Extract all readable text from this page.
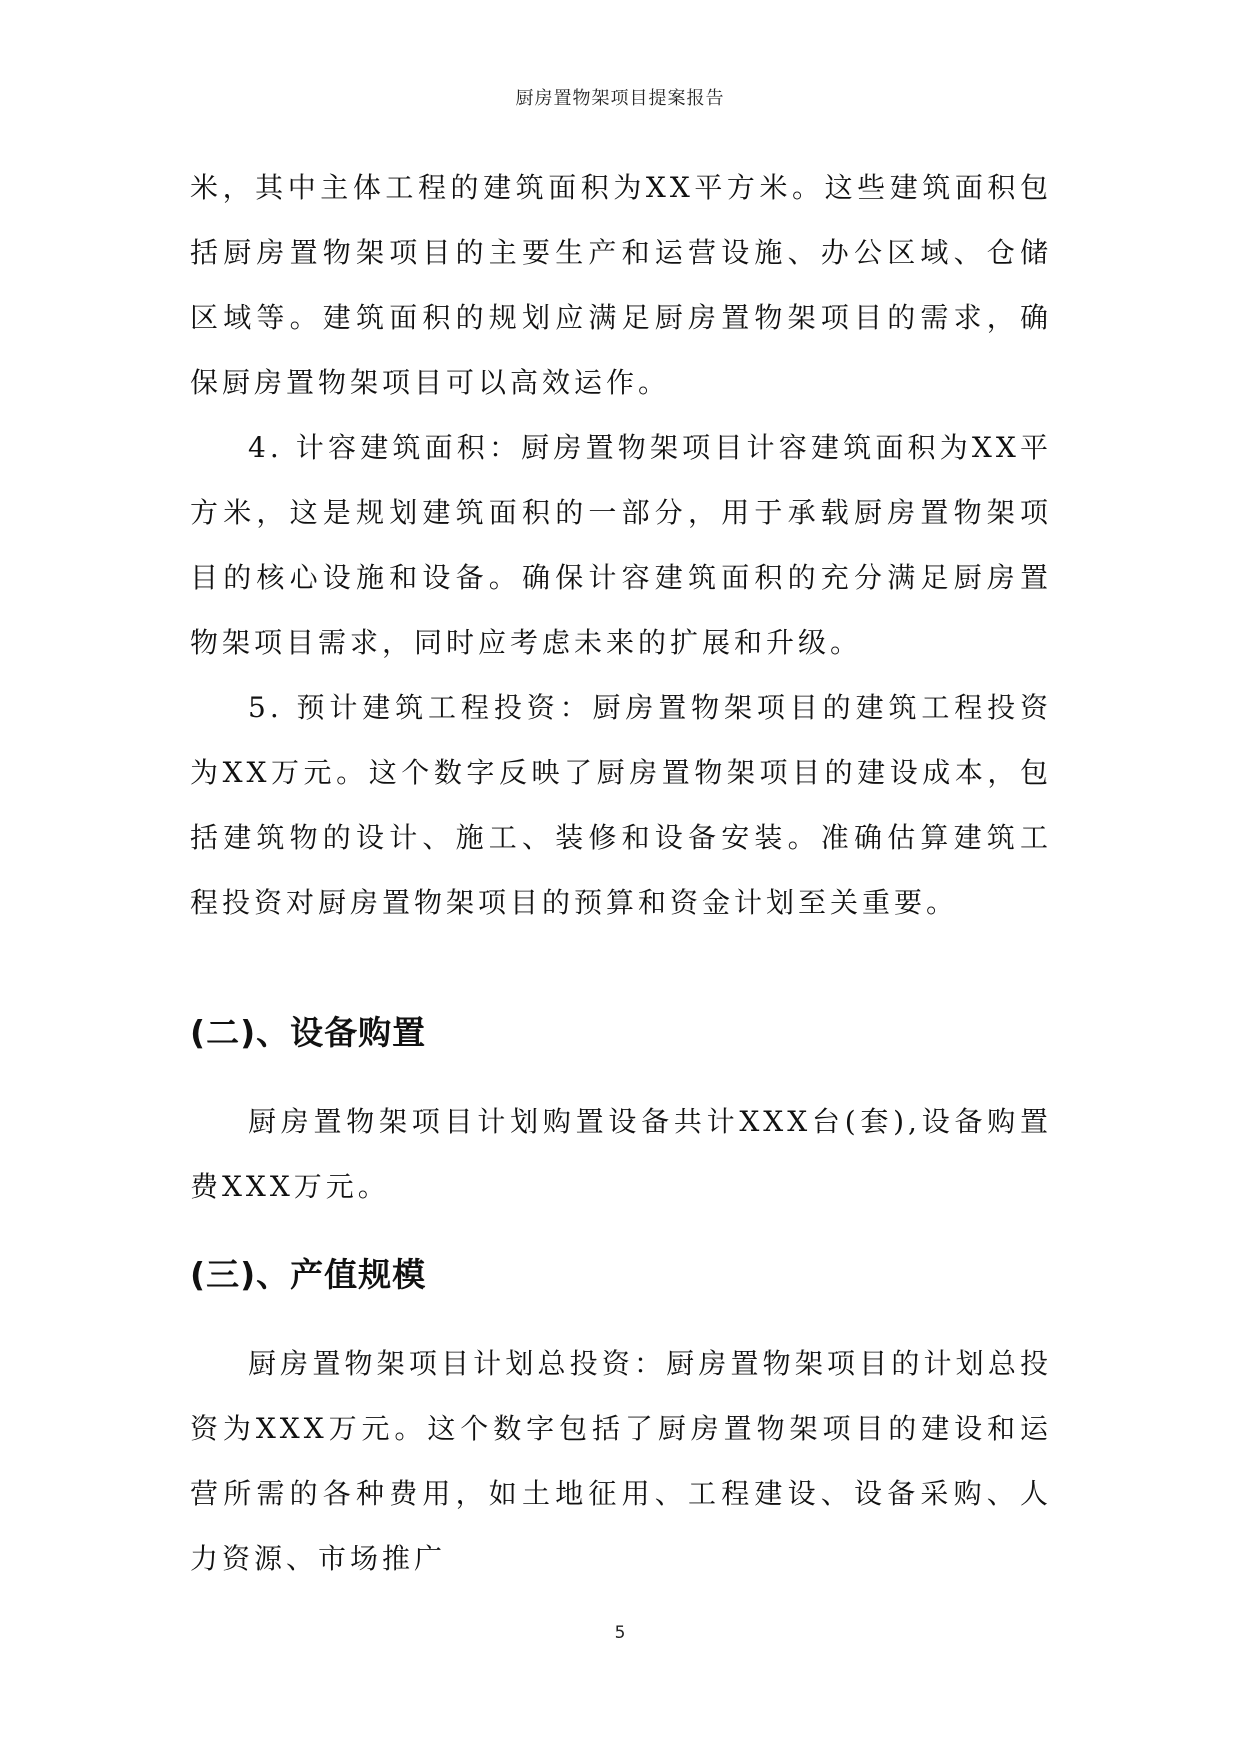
厨房置物架项目提案报告

米，其中主体工程的建筑面积为XX平方米。这些建筑面积包括厨房置物架项目的主要生产和运营设施、办公区域、仓储区域等。建筑面积的规划应满足厨房置物架项目的需求，确保厨房置物架项目可以高效运作。

4. 计容建筑面积：厨房置物架项目计容建筑面积为XX平方米，这是规划建筑面积的一部分，用于承载厨房置物架项目的核心设施和设备。确保计容建筑面积的充分满足厨房置物架项目需求，同时应考虑未来的扩展和升级。

5. 预计建筑工程投资：厨房置物架项目的建筑工程投资为XX万元。这个数字反映了厨房置物架项目的建设成本，包括建筑物的设计、施工、装修和设备安装。准确估算建筑工程投资对厨房置物架项目的预算和资金计划至关重要。

(二)、设备购置

厨房置物架项目计划购置设备共计XXX台(套),设备购置费XXX万元。

(三)、产值规模

厨房置物架项目计划总投资：厨房置物架项目的计划总投资为XXX万元。这个数字包括了厨房置物架项目的建设和运营所需的各种费用，如土地征用、工程建设、设备采购、人力资源、市场推广

5
